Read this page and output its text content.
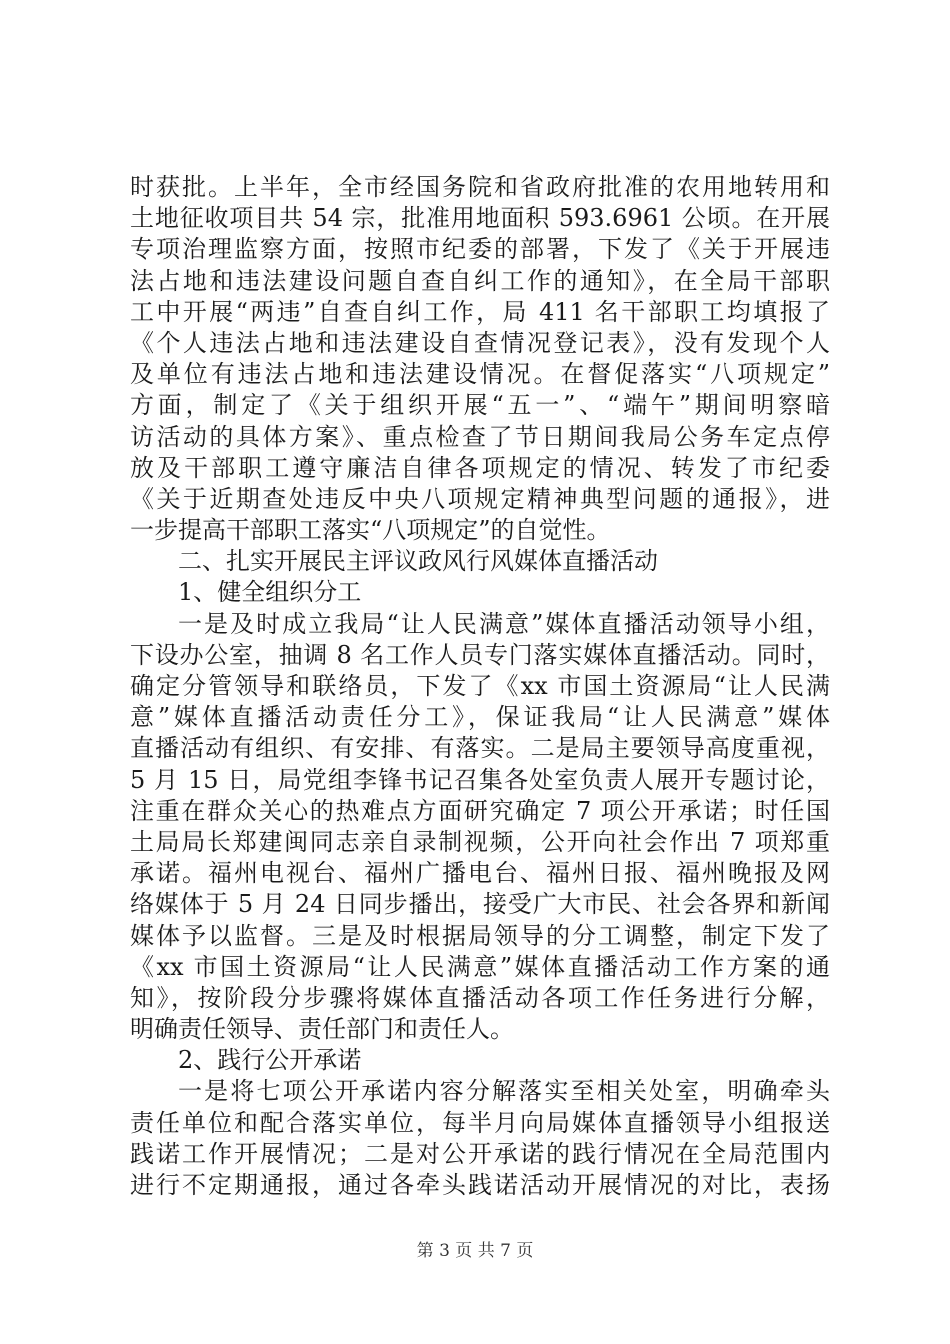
时获批。上半年，全市经国务院和省政府批准的农用地转用和
土地征收项目共 54 宗，批准用地面积 593.6961 公顷。在开展
专项治理监察方面，按照市纪委的部署，下发了《关于开展违
法占地和违法建设问题自查自纠工作的通知》，在全局干部职
工中开展“两违”自查自纠工作，局 411 名干部职工均填报了
《个人违法占地和违法建设自查情况登记表》，没有发现个人
及单位有违法占地和违法建设情况。在督促落实“八项规定”
方面，制定了《关于组织开展“五一”、“端午”期间明察暗
访活动的具体方案》、重点检查了节日期间我局公务车定点停
放及干部职工遵守廉洁自律各项规定的情况、转发了市纪委
《关于近期查处违反中央八项规定精神典型问题的通报》，进
一步提高干部职工落实“八项规定”的自觉性。
二、扎实开展民主评议政风行风媒体直播活动
1、健全组织分工
一是及时成立我局“让人民满意”媒体直播活动领导小组，
下设办公室，抽调 8 名工作人员专门落实媒体直播活动。同时，
确定分管领导和联络员，下发了《xx 市国土资源局“让人民满
意”媒体直播活动责任分工》，保证我局“让人民满意”媒体
直播活动有组织、有安排、有落实。二是局主要领导高度重视，
5 月 15 日，局党组李锋书记召集各处室负责人展开专题讨论，
注重在群众关心的热难点方面研究确定 7 项公开承诺；时任国
土局局长郑建闽同志亲自录制视频，公开向社会作出 7 项郑重
承诺。福州电视台、福州广播电台、福州日报、福州晚报及网
络媒体于 5 月 24 日同步播出，接受广大市民、社会各界和新闻
媒体予以监督。三是及时根据局领导的分工调整，制定下发了
《xx 市国土资源局“让人民满意”媒体直播活动工作方案的通
知》，按阶段分步骤将媒体直播活动各项工作任务进行分解，
明确责任领导、责任部门和责任人。
2、践行公开承诺
一是将七项公开承诺内容分解落实至相关处室，明确牵头
责任单位和配合落实单位，每半月向局媒体直播领导小组报送
践诺工作开展情况；二是对公开承诺的践行情况在全局范围内
进行不定期通报，通过各牵头践诺活动开展情况的对比，表扬
第 3 页 共 7 页
